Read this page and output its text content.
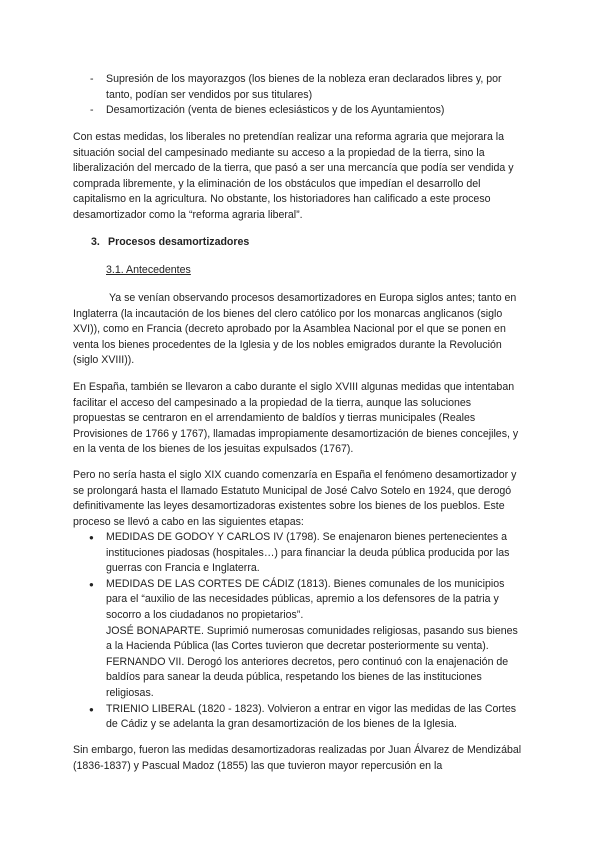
- Supresión de los mayorazgos (los bienes de la nobleza eran declarados libres y, por tanto, podían ser vendidos por sus titulares)
- Desamortización (venta de bienes eclesiásticos y de los Ayuntamientos)

Con estas medidas, los liberales no pretendían realizar una reforma agraria que mejorara la situación social del campesinado mediante su acceso a la propiedad de la tierra, sino la liberalización del mercado de la tierra, que pasó a ser una mercancía que podía ser vendida y comprada libremente, y la eliminación de los obstáculos que impedían el desarrollo del capitalismo en la agricultura. No obstante, los historiadores han calificado a este proceso desamortizador como la “reforma agraria liberal”.

3. Procesos desamortizadores

3.1. Antecedentes

Ya se venían observando procesos desamortizadores en Europa siglos antes; tanto en Inglaterra (la incautación de los bienes del clero católico por los monarcas anglicanos (siglo XVI)), como en Francia (decreto aprobado por la Asamblea Nacional por el que se ponen en venta los bienes procedentes de la Iglesia y de los nobles emigrados durante la Revolución (siglo XVIII)).

En España, también se llevaron a cabo durante el siglo XVIII algunas medidas que intentaban facilitar el acceso del campesinado a la propiedad de la tierra, aunque las soluciones propuestas se centraron en el arrendamiento de baldíos y tierras municipales (Reales Provisiones de 1766 y 1767), llamadas impropiamente desamortización de bienes concejiles, y en la venta de los bienes de los jesuitas expulsados (1767).

Pero no sería hasta el siglo XIX cuando comenzaría en España el fenómeno desamortizador y se prolongará hasta el llamado Estatuto Municipal de José Calvo Sotelo en 1924, que derogó definitivamente las leyes desamortizadoras existentes sobre los bienes de los pueblos. Este proceso se llevó a cabo en las siguientes etapas:

● MEDIDAS DE GODOY Y CARLOS IV (1798). Se enajenaron bienes pertenecientes a instituciones piadosas (hospitales…) para financiar la deuda pública producida por las guerras con Francia e Inglaterra.
● MEDIDAS DE LAS CORTES DE CÁDIZ (1813). Bienes comunales de los municipios para el “auxilio de las necesidades públicas, apremio a los defensores de la patria y socorro a los ciudadanos no propietarios”.
JOSÉ BONAPARTE. Suprimió numerosas comunidades religiosas, pasando sus bienes a la Hacienda Pública (las Cortes tuvieron que decretar posteriormente su venta).
FERNANDO VII. Derogó los anteriores decretos, pero continuó con la enajenación de baldíos para sanear la deuda pública, respetando los bienes de las instituciones religiosas.
● TRIENIO LIBERAL (1820 - 1823). Volvieron a entrar en vigor las medidas de las Cortes de Cádiz y se adelanta la gran desamortización de los bienes de la Iglesia.

Sin embargo, fueron las medidas desamortizadoras realizadas por Juan Álvarez de Mendizábal (1836-1837) y Pascual Madoz (1855) las que tuvieron mayor repercusión en la
